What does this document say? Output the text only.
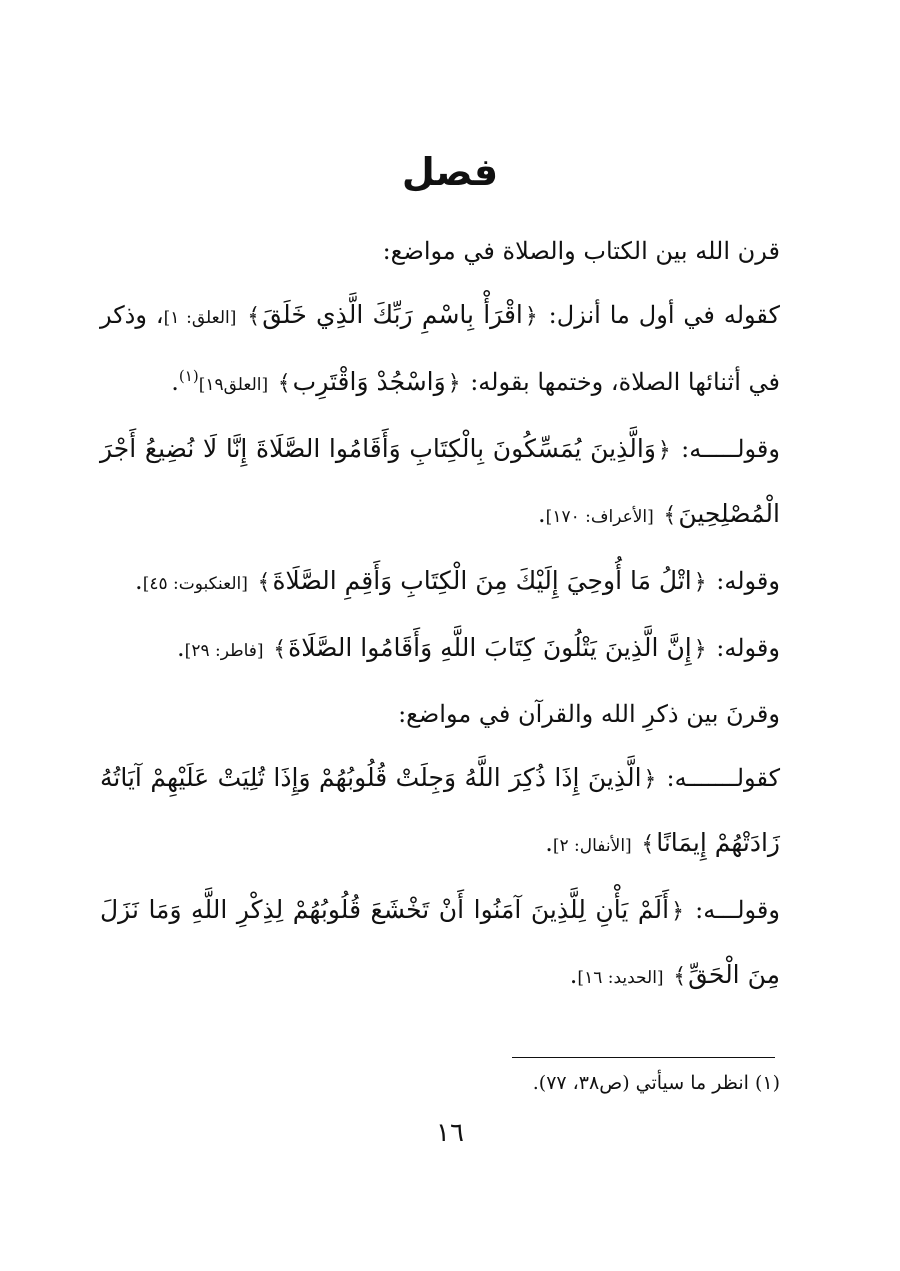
فصل

قرن الله بين الكتاب والصلاة في مواضع:

كقوله في أول ما أنزل: ﴿اقْرَأْ بِاسْمِ رَبِّكَ الَّذِي خَلَقَ﴾ [العلق: ١]، وذكر في أثنائها الصلاة، وختمها بقوله: ﴿وَاسْجُدْ وَاقْتَرِب﴾ [العلق١٩]$^{(١)}$.

وقولـــــه: ﴿وَالَّذِينَ يُمَسِّكُونَ بِالْكِتَابِ وَأَقَامُوا الصَّلَاةَ إِنَّا لَا نُضِيعُ أَجْرَ الْمُصْلِحِينَ﴾ [الأعراف: ١٧٠].

وقوله: ﴿اتْلُ مَا أُوحِيَ إِلَيْكَ مِنَ الْكِتَابِ وَأَقِمِ الصَّلَاةَ﴾ [العنكبوت: ٤٥].

وقوله: ﴿إِنَّ الَّذِينَ يَتْلُونَ كِتَابَ اللَّهِ وَأَقَامُوا الصَّلَاةَ﴾ [فاطر: ٢٩].

وقرنَ بين ذكرِ الله والقرآن في مواضع:

كقولـــــــه: ﴿الَّذِينَ إِذَا ذُكِرَ اللَّهُ وَجِلَتْ قُلُوبُهُمْ وَإِذَا تُلِيَتْ عَلَيْهِمْ آيَاتُهُ زَادَتْهُمْ إِيمَانًا﴾ [الأنفال: ٢].

وقولـــه: ﴿أَلَمْ يَأْنِ لِلَّذِينَ آمَنُوا أَنْ تَخْشَعَ قُلُوبُهُمْ لِذِكْرِ اللَّهِ وَمَا نَزَلَ مِنَ الْحَقِّ﴾ [الحديد: ١٦].

(١) انظر ما سيأتي (ص٣٨، ٧٧).
١٦
